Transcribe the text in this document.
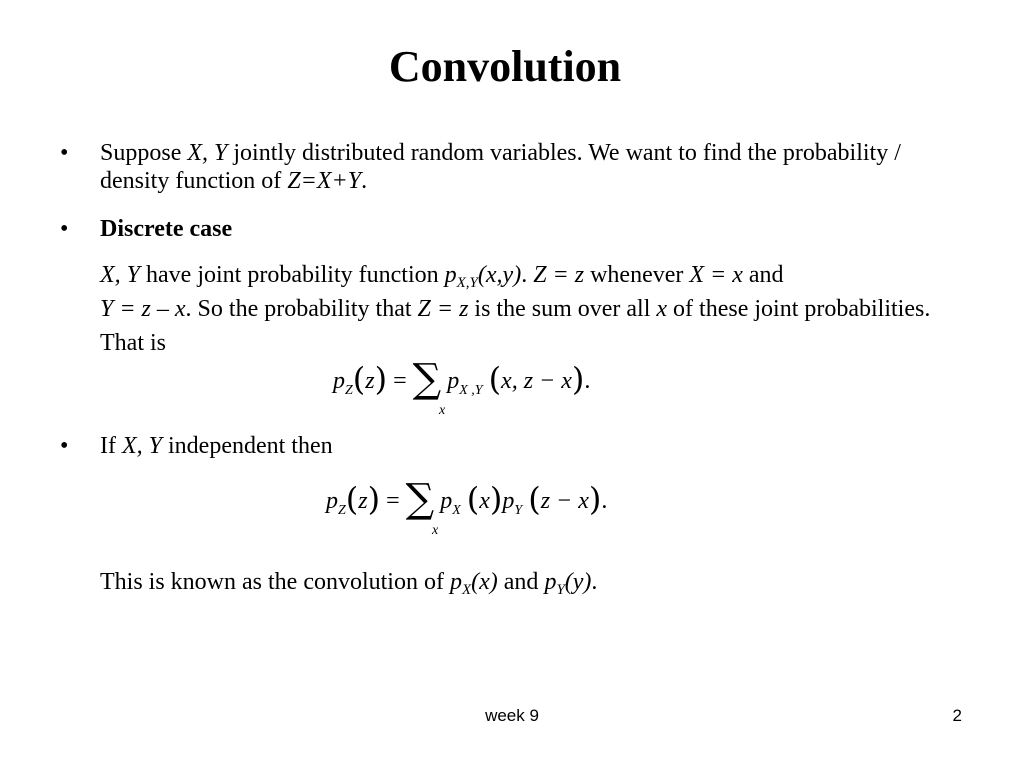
Convolution
• Suppose X, Y jointly distributed random variables. We want to find the probability / density function of Z=X+Y.
• Discrete case
X, Y have joint probability function $p_{X,Y}(x,y)$. Z = z whenever X = x and
Y = z – x. So the probability that Z = z is the sum over all x of these joint probabilities. That is
$p_Z(z)$ = ∑
x
$p_{X ,Y}$ (x, z − x).
• If X, Y independent then
$p_Z(z)$ = ∑
x
$p_X$ $(x)p_Y$ (z − x).
This is known as the convolution of $p_X(x)$ and $p_Y(y)$.
week 9	2
